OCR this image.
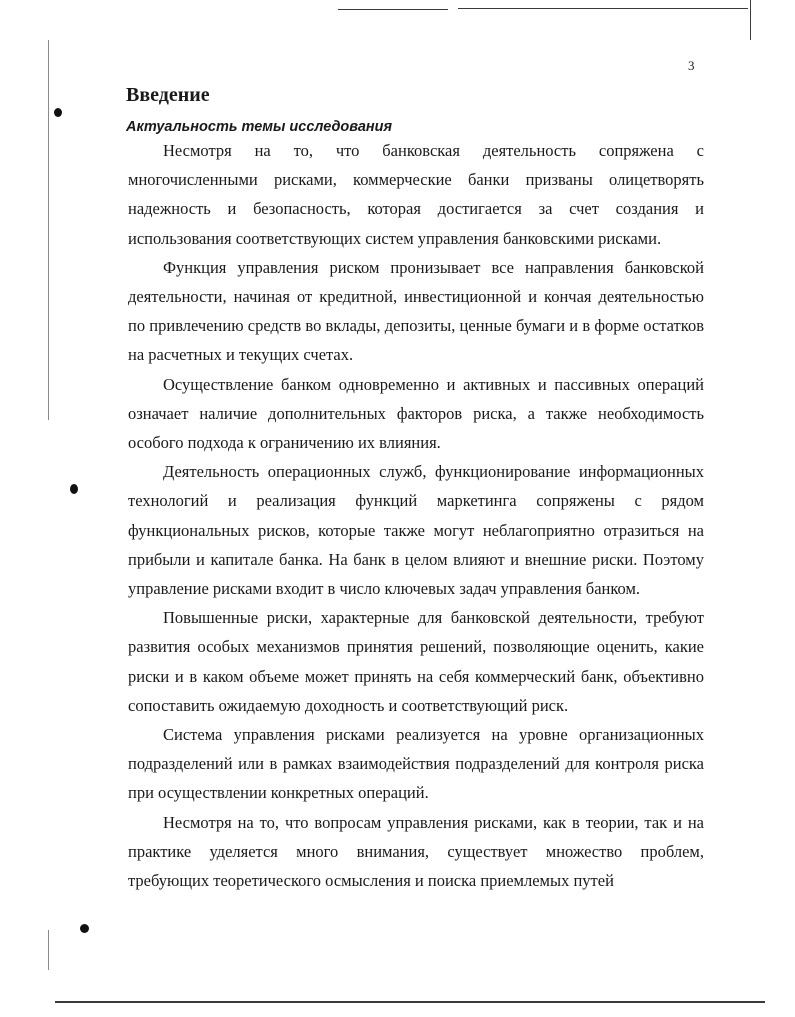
3
Введение
Актуальность темы исследования

Несмотря на то, что банковская деятельность сопряжена с многочисленными рисками, коммерческие банки призваны олицетворять надежность и безопасность, которая достигается за счет создания и использования соответствующих систем управления банковскими рисками.

Функция управления риском пронизывает все направления банковской деятельности, начиная от кредитной, инвестиционной и кончая деятельностью по привлечению средств во вклады, депозиты, ценные бумаги и в форме остатков на расчетных и текущих счетах.

Осуществление банком одновременно и активных и пассивных операций означает наличие дополнительных факторов риска, а также необходимость особого подхода к ограничению их влияния.

Деятельность операционных служб, функционирование информационных технологий и реализация функций маркетинга сопряжены с рядом функциональных рисков, которые также могут неблагоприятно отразиться на прибыли и капитале банка. На банк в целом влияют и внешние риски. Поэтому управление рисками входит в число ключевых задач управления банком.

Повышенные риски, характерные для банковской деятельности, требуют развития особых механизмов принятия решений, позволяющие оценить, какие риски и в каком объеме может принять на себя коммерческий банк, объективно сопоставить ожидаемую доходность и соответствующий риск.

Система управления рисками реализуется на уровне организационных подразделений или в рамках взаимодействия подразделений для контроля риска при осуществлении конкретных операций.

Несмотря на то, что вопросам управления рисками, как в теории, так и на практике уделяется много внимания, существует множество проблем, требующих теоретического осмысления и поиска приемлемых путей
